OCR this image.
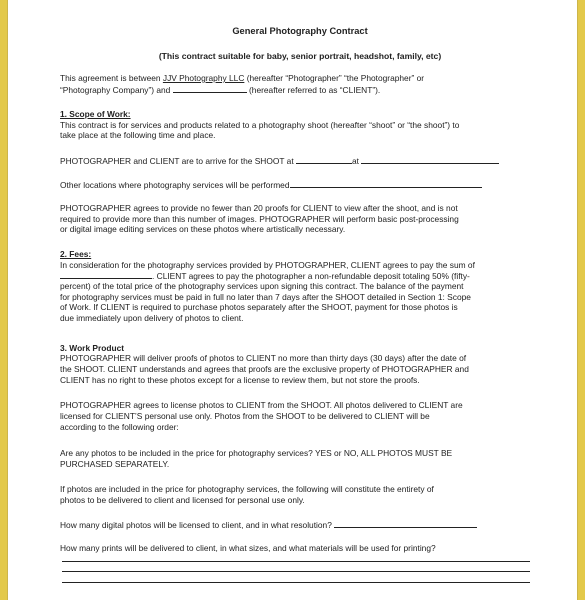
General Photography Contract
(This contract suitable for baby, senior portrait, headshot, family, etc)
This agreement is between JJV Photography LLC (hereafter “Photographer” “the Photographer” or
“Photography Company”) and	(hereafter referred to as “CLIENT”).
1. Scope of Work:
This contract is for services and products related to a photography shoot (hereafter “shoot” or “the shoot”) to
take place at the following time and place.
PHOTOGRAPHER and CLIENT are to arrive for the SHOOT at	at
Other locations where photography services will be performed
PHOTOGRAPHER agrees to provide no fewer than 20 proofs for CLIENT to view after the shoot, and is not
required to provide more than this number of images. PHOTOGRAPHER will perform basic post-processing
or digital image editing services on these photos where artistically necessary.
2. Fees:
In consideration for the photography services provided by PHOTOGRAPHER, CLIENT agrees to pay the sum of
. CLIENT agrees to pay the photographer a non-refundable deposit totaling 50% (fifty-
percent) of the total price of the photography services upon signing this contract. The balance of the payment
for photography services must be paid in full no later than 7 days after the SHOOT detailed in Section 1: Scope
of Work. If CLIENT is required to purchase photos separately after the SHOOT, payment for those photos is
due immediately upon delivery of photos to client.
3. Work Product
PHOTOGRAPHER will deliver proofs of photos to CLIENT no more than thirty days (30 days) after the date of
the SHOOT. CLIENT understands and agrees that proofs are the exclusive property of PHOTOGRAPHER and
CLIENT has no right to these photos except for a license to review them, but not store the proofs.
PHOTOGRAPHER agrees to license photos to CLIENT from the SHOOT. All photos delivered to CLIENT are
licensed for CLIENT’S personal use only. Photos from the SHOOT to be delivered to CLIENT will be
according to the following order:
Are any photos to be included in the price for photography services? YES or NO, ALL PHOTOS MUST BE
PURCHASED SEPARATELY.
If photos are included in the price for photography services, the following will constitute the entirety of
photos to be delivered to client and licensed for personal use only.
How many digital photos will be licensed to client, and in what resolution?
How many prints will be delivered to client, in what sizes, and what materials will be used for printing?
